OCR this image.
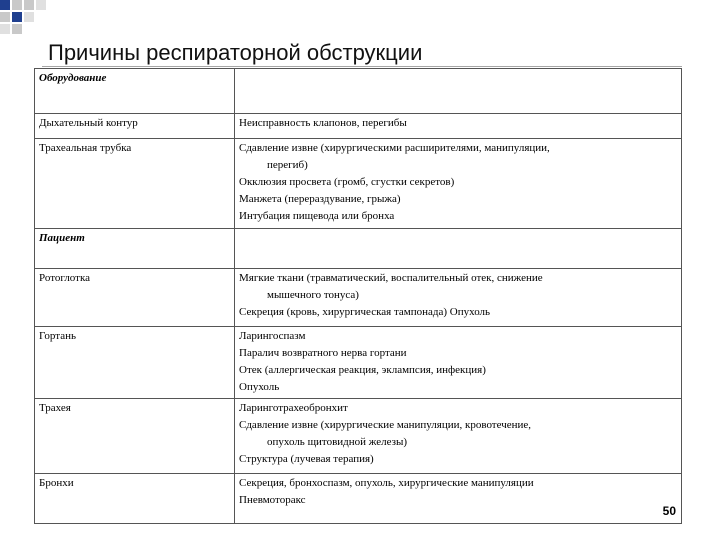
Причины респираторной обструкции
Оборудование	
Дыхательный контур	Неисправность клапонов, перегибы

Трахеальная трубка	Сдавление извне (хирургическими расширителями, манипуляции,
перегиб)
Окклюзия просвета (громб, сгустки секретов)
Манжета (перераздувание, грыжа)
Интубация пищевода или бронха

Пациент	
Ротоглотка	Мягкие ткани (травматический, воспалительный отек, снижение
мышечного тонуса)
Секреция (кровь, хирургическая тампонада) Опухоль

Гортань	Ларингоспазм
Паралич возвратного нерва гортани
Отек (аллергическая реакция, эклампсия, инфекция)
Опухоль

Трахея	Ларинготрахеобронхит
Сдавление извне (хирургические манипуляции, кровотечение,
опухоль щитовидной железы)
Структура (лучевая терапия)

Бронхи	Секреция, бронхоспазм, опухоль, хирургические манипуляции
Пневмоторакс
50
